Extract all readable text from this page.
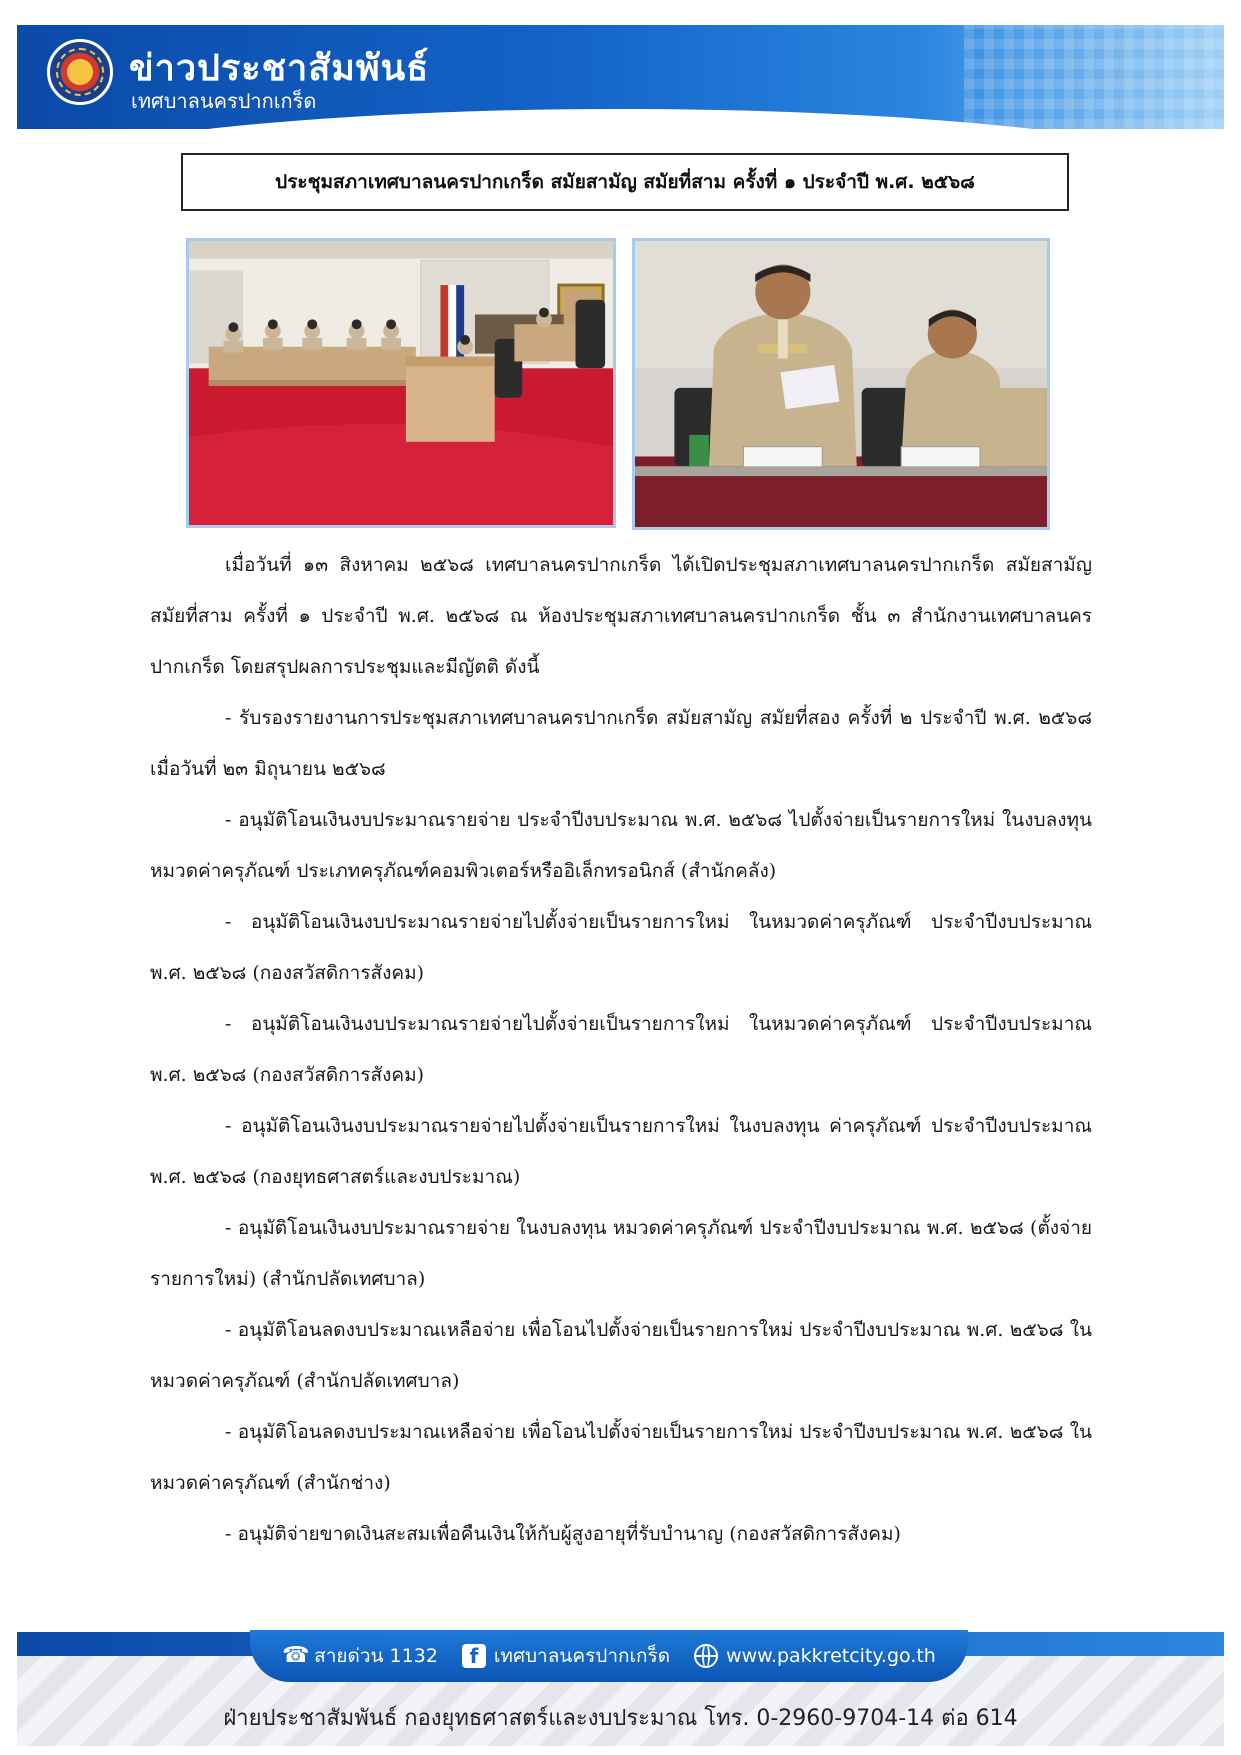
ข่าวประชาสัมพันธ์
เทศบาลนครปากเกร็ด
ประชุมสภาเทศบาลนครปากเกร็ด สมัยสามัญ สมัยที่สาม ครั้งที่ ๑ ประจำปี พ.ศ. ๒๕๖๘

เมื่อวันที่ ๑๓ สิงหาคม ๒๕๖๘ เทศบาลนครปากเกร็ด ได้เปิดประชุมสภาเทศบาลนครปากเกร็ด สมัยสามัญ สมัยที่สาม ครั้งที่ ๑ ประจำปี พ.ศ. ๒๕๖๘ ณ ห้องประชุมสภาเทศบาลนครปากเกร็ด ชั้น ๓ สำนักงานเทศบาลนครปากเกร็ด โดยสรุปผลการประชุมและมีญัตติ ดังนี้

- รับรองรายงานการประชุมสภาเทศบาลนครปากเกร็ด สมัยสามัญ สมัยที่สอง ครั้งที่ ๒ ประจำปี พ.ศ. ๒๕๖๘ เมื่อวันที่ ๒๓ มิถุนายน ๒๕๖๘

- อนุมัติโอนเงินงบประมาณรายจ่าย ประจำปีงบประมาณ พ.ศ. ๒๕๖๘ ไปตั้งจ่ายเป็นรายการใหม่ ในงบลงทุน หมวดค่าครุภัณฑ์ ประเภทครุภัณฑ์คอมพิวเตอร์หรืออิเล็กทรอนิกส์ (สำนักคลัง)

- อนุมัติโอนเงินงบประมาณรายจ่ายไปตั้งจ่ายเป็นรายการใหม่ ในหมวดค่าครุภัณฑ์ ประจำปีงบประมาณ พ.ศ. ๒๕๖๘ (กองสวัสดิการสังคม)

- อนุมัติโอนเงินงบประมาณรายจ่ายไปตั้งจ่ายเป็นรายการใหม่ ในหมวดค่าครุภัณฑ์ ประจำปีงบประมาณ พ.ศ. ๒๕๖๘ (กองสวัสดิการสังคม)

- อนุมัติโอนเงินงบประมาณรายจ่ายไปตั้งจ่ายเป็นรายการใหม่ ในงบลงทุน ค่าครุภัณฑ์ ประจำปีงบประมาณ พ.ศ. ๒๕๖๘ (กองยุทธศาสตร์และงบประมาณ)

- อนุมัติโอนเงินงบประมาณรายจ่าย ในงบลงทุน หมวดค่าครุภัณฑ์ ประจำปีงบประมาณ พ.ศ. ๒๕๖๘ (ตั้งจ่ายรายการใหม่) (สำนักปลัดเทศบาล)

- อนุมัติโอนลดงบประมาณเหลือจ่าย เพื่อโอนไปตั้งจ่ายเป็นรายการใหม่ ประจำปีงบประมาณ พ.ศ. ๒๕๖๘ ในหมวดค่าครุภัณฑ์ (สำนักปลัดเทศบาล)

- อนุมัติโอนลดงบประมาณเหลือจ่าย เพื่อโอนไปตั้งจ่ายเป็นรายการใหม่ ประจำปีงบประมาณ พ.ศ. ๒๕๖๘ ในหมวดค่าครุภัณฑ์ (สำนักช่าง)

- อนุมัติจ่ายขาดเงินสะสมเพื่อคืนเงินให้กับผู้สูงอายุที่รับบำนาญ (กองสวัสดิการสังคม)

☎ สายด่วน 1132	f เทศบาลนครปากเกร็ด	www.pakkretcity.go.th
ฝ่ายประชาสัมพันธ์ กองยุทธศาสตร์และงบประมาณ โทร. 0-2960-9704-14 ต่อ 614
